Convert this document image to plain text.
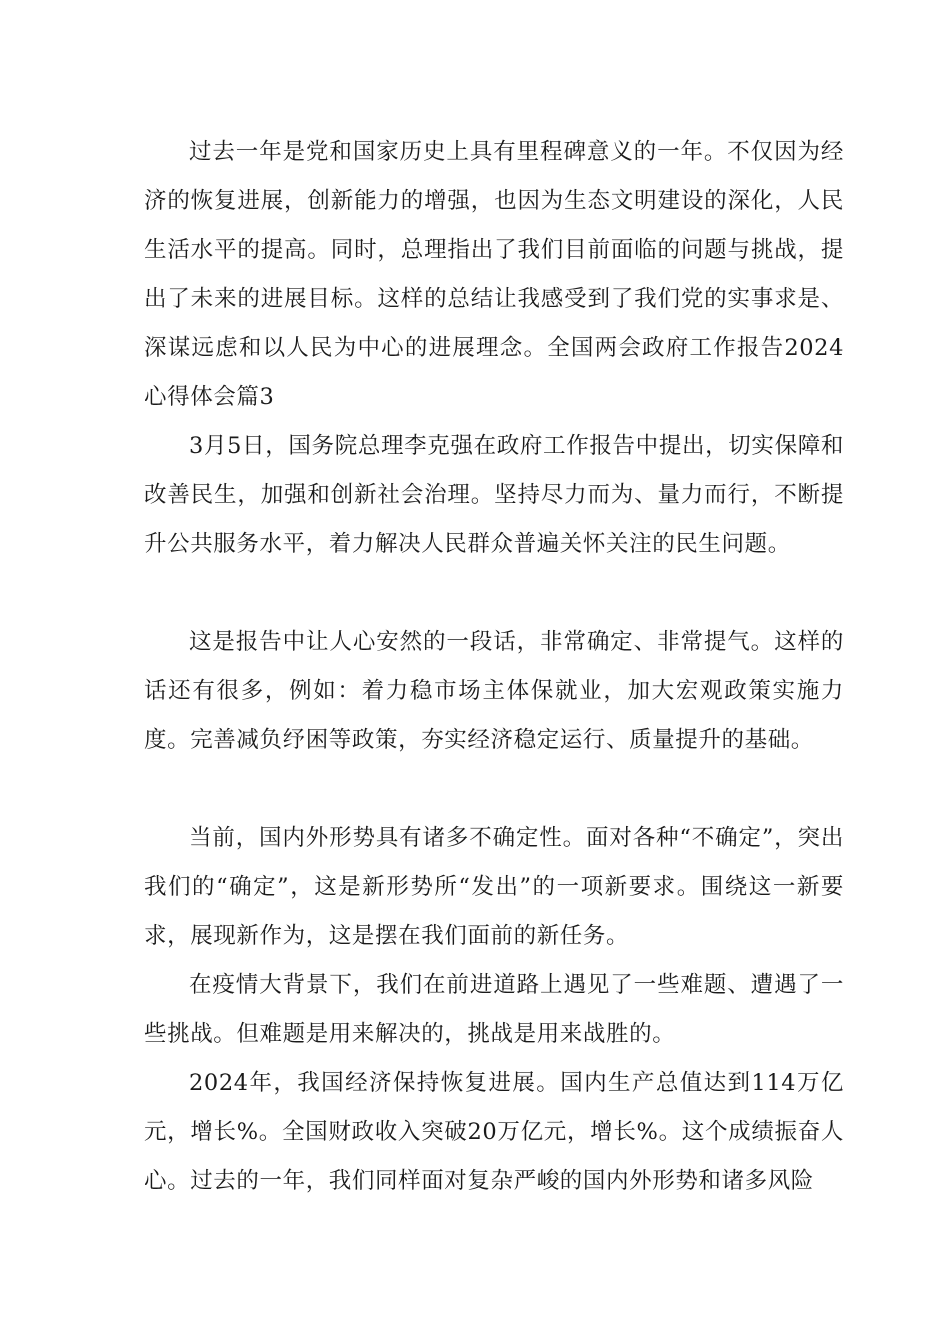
过去一年是党和国家历史上具有里程碑意义的一年。不仅因为经济的恢复进展，创新能力的增强，也因为生态文明建设的深化，人民生活水平的提高。同时，总理指出了我们目前面临的问题与挑战，提出了未来的进展目标。这样的总结让我感受到了我们党的实事求是、深谋远虑和以人民为中心的进展理念。全国两会政府工作报告2024心得体会篇3

3月5日，国务院总理李克强在政府工作报告中提出，切实保障和改善民生，加强和创新社会治理。坚持尽力而为、量力而行，不断提升公共服务水平，着力解决人民群众普遍关怀关注的民生问题。

这是报告中让人心安然的一段话，非常确定、非常提气。这样的话还有很多，例如：着力稳市场主体保就业，加大宏观政策实施力度。完善减负纾困等政策，夯实经济稳定运行、质量提升的基础。

当前，国内外形势具有诸多不确定性。面对各种“不确定”，突出我们的“确定”，这是新形势所“发出”的一项新要求。围绕这一新要求，展现新作为，这是摆在我们面前的新任务。

在疫情大背景下，我们在前进道路上遇见了一些难题、遭遇了一些挑战。但难题是用来解决的，挑战是用来战胜的。

2024年，我国经济保持恢复进展。国内生产总值达到114万亿元，增长%。全国财政收入突破20万亿元，增长%。这个成绩振奋人心。过去的一年，我们同样面对复杂严峻的国内外形势和诸多风险
